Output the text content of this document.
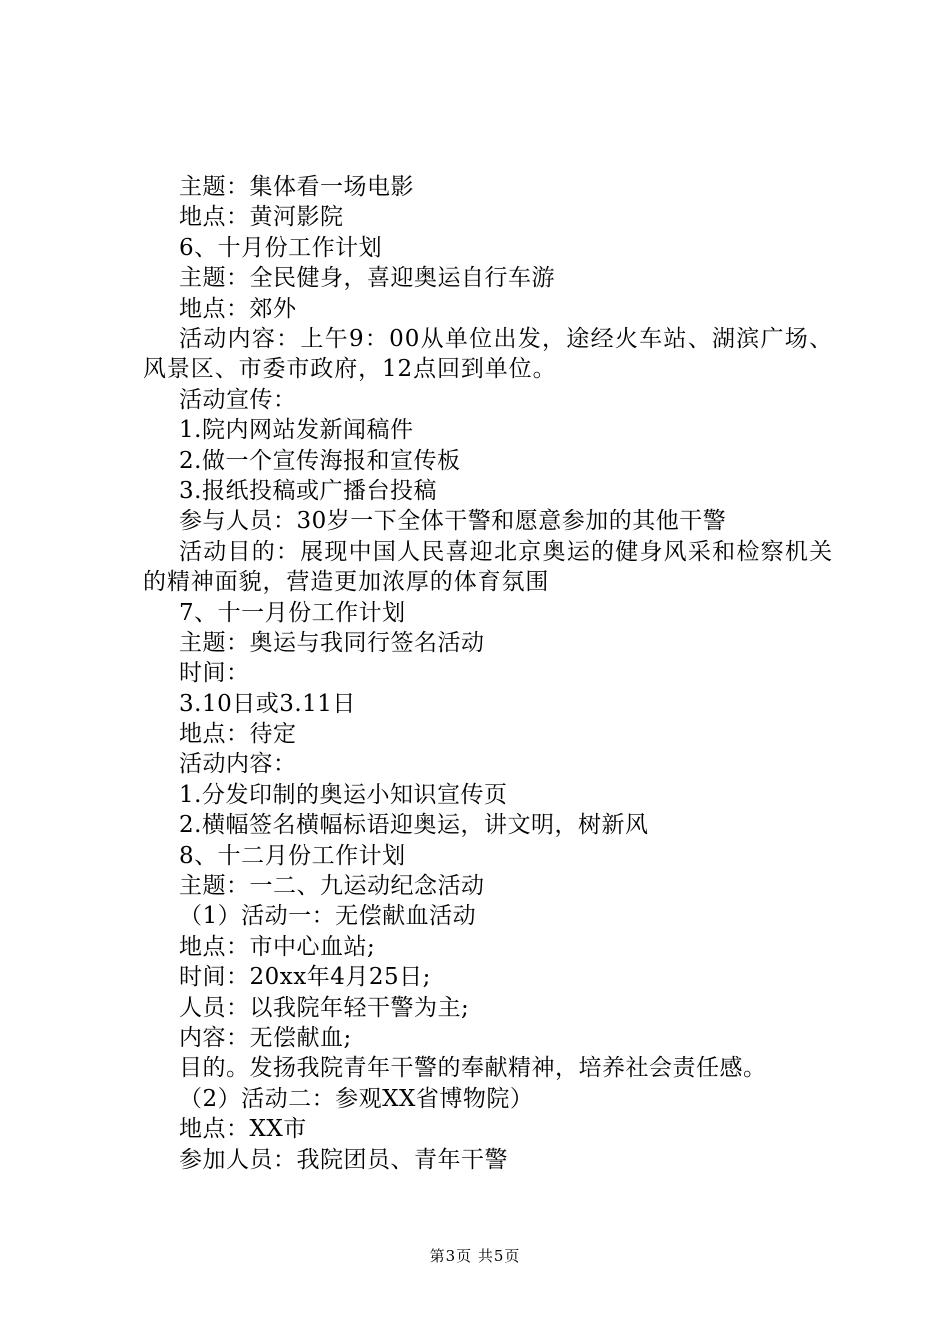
主题：集体看一场电影
地点：黄河影院
6、十月份工作计划
主题：全民健身，喜迎奥运自行车游
地点：郊外
活动内容：上午9：00从单位出发，途经火车站、湖滨广场、风景区、市委市政府，12点回到单位。
活动宣传：
1.院内网站发新闻稿件
2.做一个宣传海报和宣传板
3.报纸投稿或广播台投稿
参与人员：30岁一下全体干警和愿意参加的其他干警
活动目的：展现中国人民喜迎北京奥运的健身风采和检察机关的精神面貌，营造更加浓厚的体育氛围
7、十一月份工作计划
主题：奥运与我同行签名活动
时间：
3.10日或3.11日
地点：待定
活动内容：
1.分发印制的奥运小知识宣传页
2.横幅签名横幅标语迎奥运，讲文明，树新风
8、十二月份工作计划
主题：一二、九运动纪念活动
（1）活动一：无偿献血活动
地点：市中心血站;
时间：20xx年4月25日;
人员：以我院年轻干警为主;
内容：无偿献血;
目的。发扬我院青年干警的奉献精神，培养社会责任感。
（2）活动二：参观XX省博物院）
地点：XX市
参加人员：我院团员、青年干警
第3页 共5页
